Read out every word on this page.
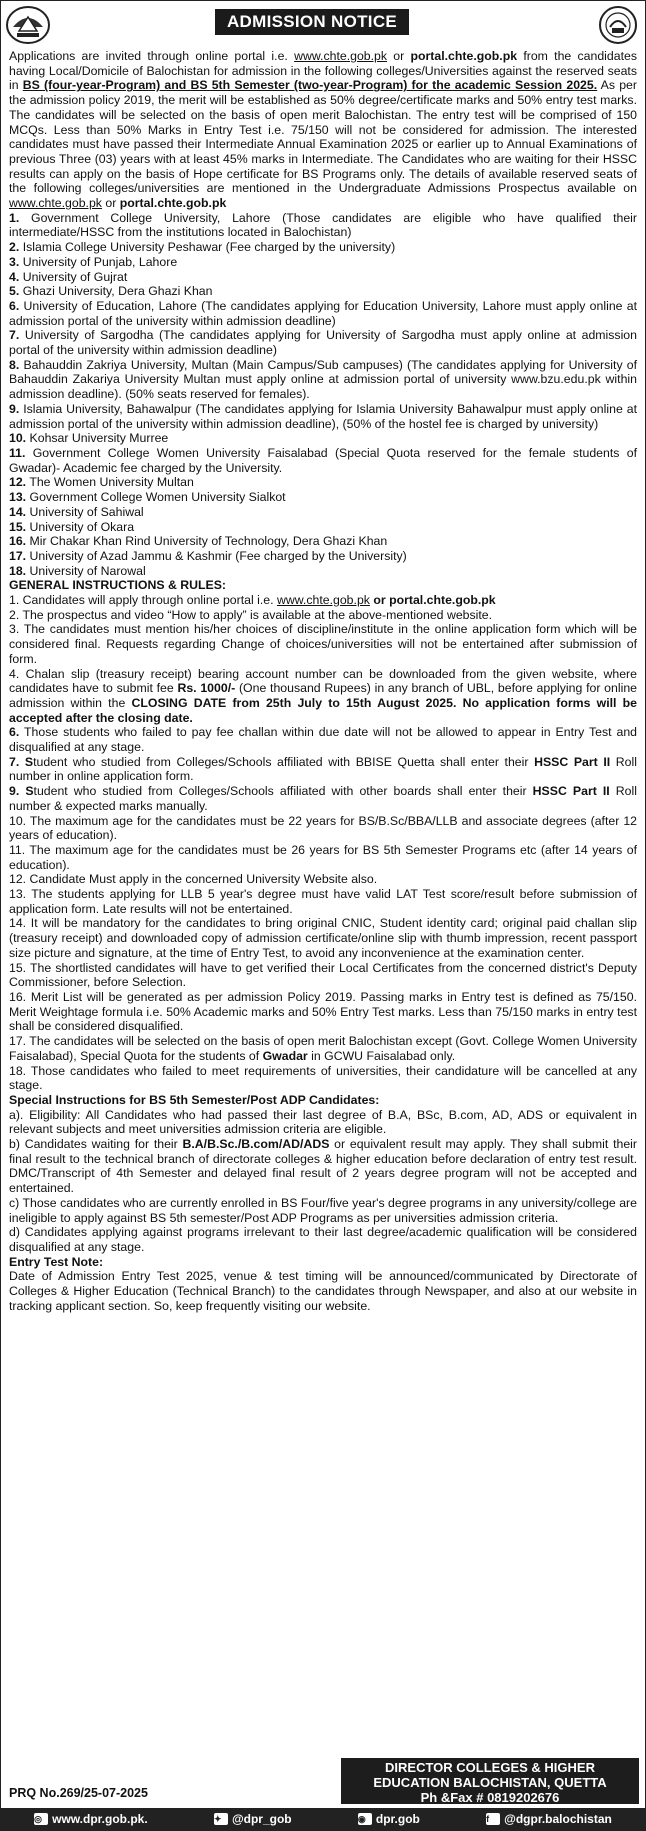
ADMISSION NOTICE

Applications are invited through online portal i.e. www.chte.gob.pk or portal.chte.gob.pk from the candidates having Local/Domicile of Balochistan for admission in the following colleges/Universities against the reserved seats in BS (four-year-Program) and BS 5th Semester (two-year-Program) for the academic Session 2025. As per the admission policy 2019, the merit will be established as 50% degree/certificate marks and 50% entry test marks. The candidates will be selected on the basis of open merit Balochistan. The entry test will be comprised of 150 MCQs. Less than 50% Marks in Entry Test i.e. 75/150 will not be considered for admission. The interested candidates must have passed their Intermediate Annual Examination 2025 or earlier up to Annual Examinations of previous Three (03) years with at least 45% marks in Intermediate. The Candidates who are waiting for their HSSC results can apply on the basis of Hope certificate for BS Programs only. The details of available reserved seats of the following colleges/universities are mentioned in the Undergraduate Admissions Prospectus available on www.chte.gob.pk or portal.chte.gob.pk

1. Government College University, Lahore (Those candidates are eligible who have qualified their intermediate/HSSC from the institutions located in Balochistan)

2. Islamia College University Peshawar (Fee charged by the university)

3. University of Punjab, Lahore

4. University of Gujrat

5. Ghazi University, Dera Ghazi Khan

6. University of Education, Lahore (The candidates applying for Education University, Lahore must apply online at admission portal of the university within admission deadline)

7. University of Sargodha (The candidates applying for University of Sargodha must apply online at admission portal of the university within admission deadline)

8. Bahauddin Zakriya University, Multan (Main Campus/Sub campuses) (The candidates applying for University of Bahauddin Zakariya University Multan must apply online at admission portal of university www.bzu.edu.pk within admission deadline). (50% seats reserved for females).

9. Islamia University, Bahawalpur (The candidates applying for Islamia University Bahawalpur must apply online at admission portal of the university within admission deadline), (50% of the hostel fee is charged by university)

10. Kohsar University Murree

11. Government College Women University Faisalabad (Special Quota reserved for the female students of Gwadar)- Academic fee charged by the University.

12. The Women University Multan

13. Government College Women University Sialkot

14. University of Sahiwal

15. University of Okara

16. Mir Chakar Khan Rind University of Technology, Dera Ghazi Khan

17. University of Azad Jammu & Kashmir (Fee charged by the University)

18. University of Narowal

GENERAL INSTRUCTIONS & RULES:

1. Candidates will apply through online portal i.e. www.chte.gob.pk or portal.chte.gob.pk

2. The prospectus and video “How to apply” is available at the above-mentioned website.

3. The candidates must mention his/her choices of discipline/institute in the online application form which will be considered final. Requests regarding Change of choices/universities will not be entertained after submission of form.

4. Chalan slip (treasury receipt) bearing account number can be downloaded from the given website, where candidates have to submit fee Rs. 1000/- (One thousand Rupees) in any branch of UBL, before applying for online admission within the CLOSING DATE from 25th July to 15th August 2025. No application forms will be accepted after the closing date.

6. Those students who failed to pay fee challan within due date will not be allowed to appear in Entry Test and disqualified at any stage.

7. Student who studied from Colleges/Schools affiliated with BBISE Quetta shall enter their HSSC Part II Roll number in online application form.

9. Student who studied from Colleges/Schools affiliated with other boards shall enter their HSSC Part II Roll number & expected marks manually.

10. The maximum age for the candidates must be 22 years for BS/B.Sc/BBA/LLB and associate degrees (after 12 years of education).

11. The maximum age for the candidates must be 26 years for BS 5th Semester Programs etc (after 14 years of education).

12. Candidate Must apply in the concerned University Website also.

13. The students applying for LLB 5 year's degree must have valid LAT Test score/result before submission of application form. Late results will not be entertained.

14. It will be mandatory for the candidates to bring original CNIC, Student identity card; original paid challan slip (treasury receipt) and downloaded copy of admission certificate/online slip with thumb impression, recent passport size picture and signature, at the time of Entry Test, to avoid any inconvenience at the examination center.

15. The shortlisted candidates will have to get verified their Local Certificates from the concerned district's Deputy Commissioner, before Selection.

16. Merit List will be generated as per admission Policy 2019. Passing marks in Entry test is defined as 75/150. Merit Weightage formula i.e. 50% Academic marks and 50% Entry Test marks. Less than 75/150 marks in entry test shall be considered disqualified.

17. The candidates will be selected on the basis of open merit Balochistan except (Govt. College Women University Faisalabad), Special Quota for the students of Gwadar in GCWU Faisalabad only.

18. Those candidates who failed to meet requirements of universities, their candidature will be cancelled at any stage.

Special Instructions for BS 5th Semester/Post ADP Candidates:

a). Eligibility: All Candidates who had passed their last degree of B.A, BSc, B.com, AD, ADS or equivalent in relevant subjects and meet universities admission criteria are eligible.

b) Candidates waiting for their B.A/B.Sc./B.com/AD/ADS or equivalent result may apply. They shall submit their final result to the technical branch of directorate colleges & higher education before declaration of entry test result. DMC/Transcript of 4th Semester and delayed final result of 2 years degree program will not be accepted and entertained.

c) Those candidates who are currently enrolled in BS Four/five year's degree programs in any university/college are ineligible to apply against BS 5th semester/Post ADP Programs as per universities admission criteria.

d) Candidates applying against programs irrelevant to their last degree/academic qualification will be considered disqualified at any stage.

Entry Test Note:

Date of Admission Entry Test 2025, venue & test timing will be announced/communicated by Directorate of Colleges & Higher Education (Technical Branch) to the candidates through Newspaper, and also at our website in tracking applicant section. So, keep frequently visiting our website.

PRQ No.269/25-07-2025
DIRECTOR COLLEGES & HIGHER
EDUCATION BALOCHISTAN, QUETTA
Ph &Fax # 0819202676
◎ www.dpr.gob.pk.	✦ @dpr_gob	◉ dpr.gob	f	@dgpr.balochistan
